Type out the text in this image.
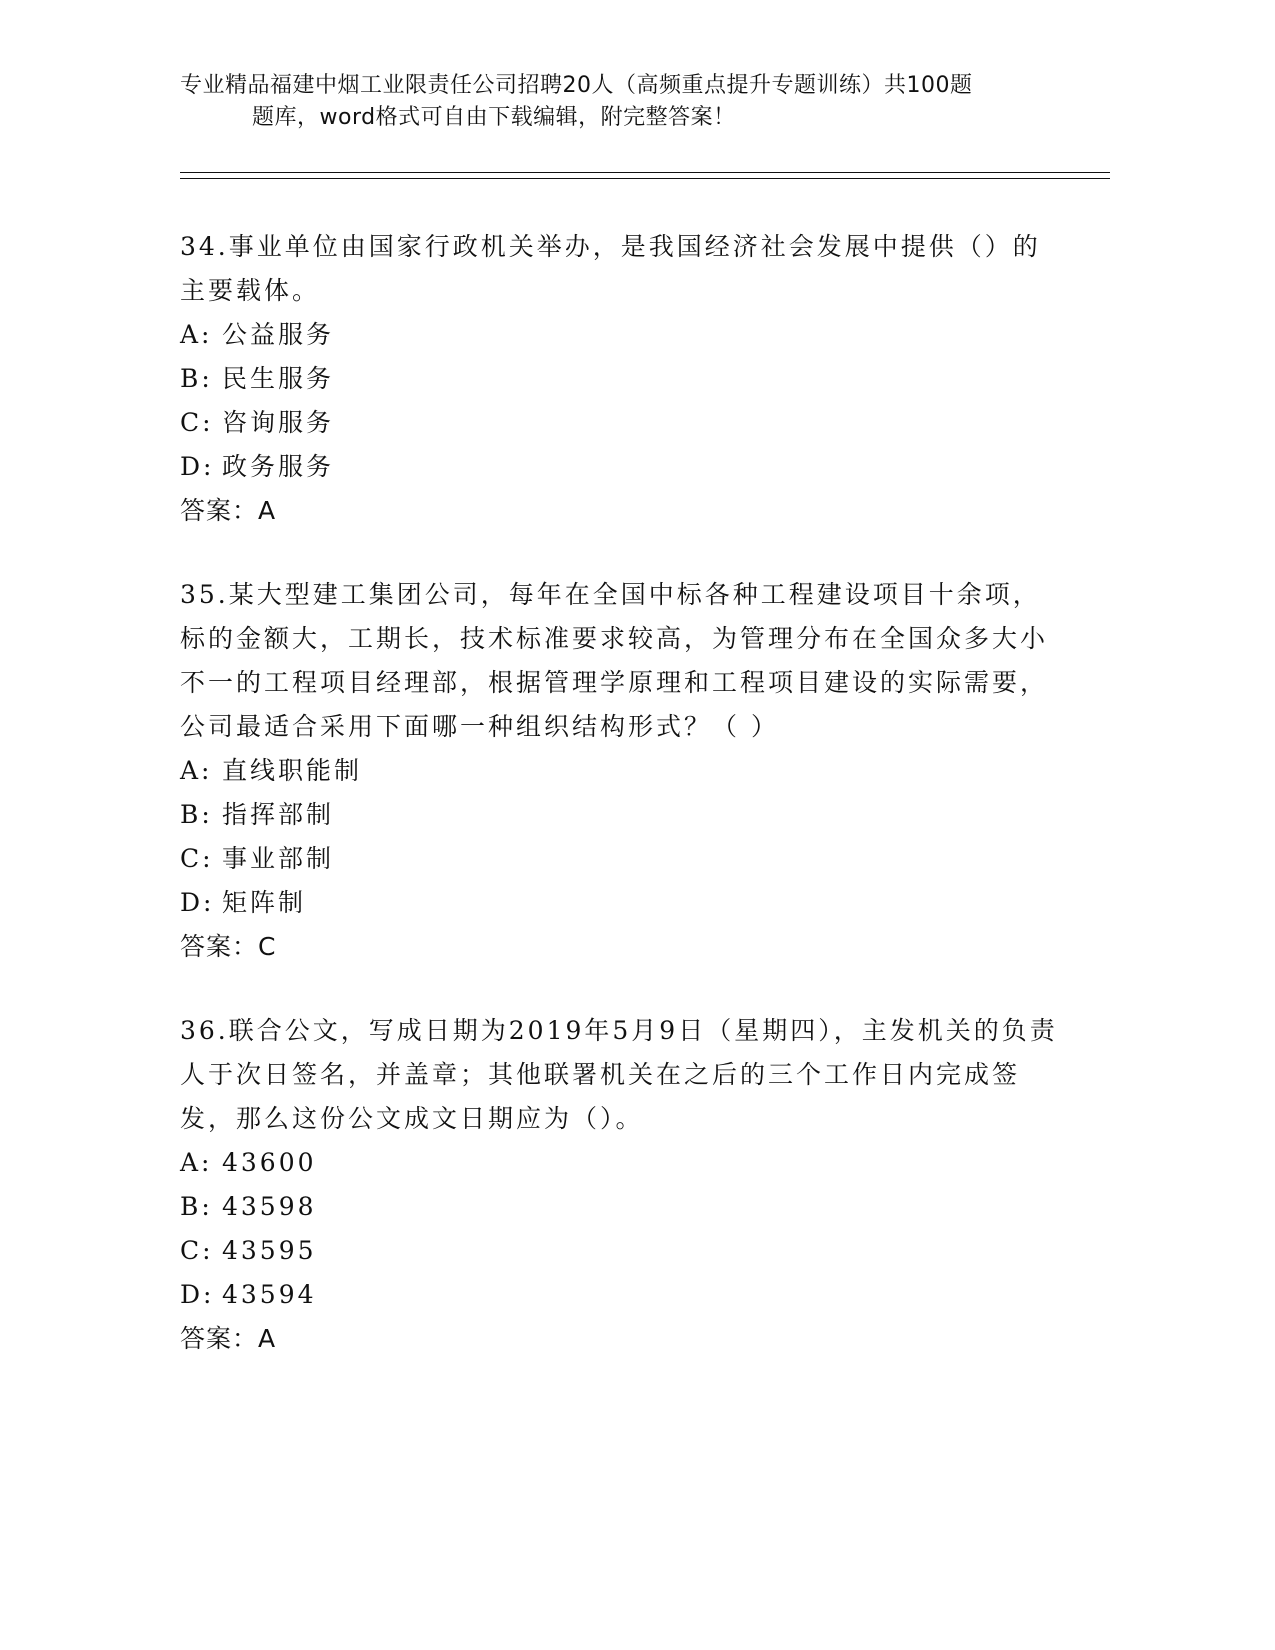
专业精品福建中烟工业限责任公司招聘20人（高频重点提升专题训练）共100题
题库，word格式可自由下载编辑，附完整答案！
34.事业单位由国家行政机关举办，是我国经济社会发展中提供（）的主要载体。
A: 公益服务
B: 民生服务
C: 咨询服务
D: 政务服务
答案：A
35.某大型建工集团公司，每年在全国中标各种工程建设项目十余项，标的金额大，工期长，技术标准要求较高，为管理分布在全国众多大小不一的工程项目经理部，根据管理学原理和工程项目建设的实际需要，公司最适合采用下面哪一种组织结构形式？（ ）
A: 直线职能制
B: 指挥部制
C: 事业部制
D: 矩阵制
答案：C
36.联合公文，写成日期为2019年5月9日（星期四），主发机关的负责人于次日签名，并盖章；其他联署机关在之后的三个工作日内完成签发，那么这份公文成文日期应为（）。
A: 43600
B: 43598
C: 43595
D: 43594
答案：A
